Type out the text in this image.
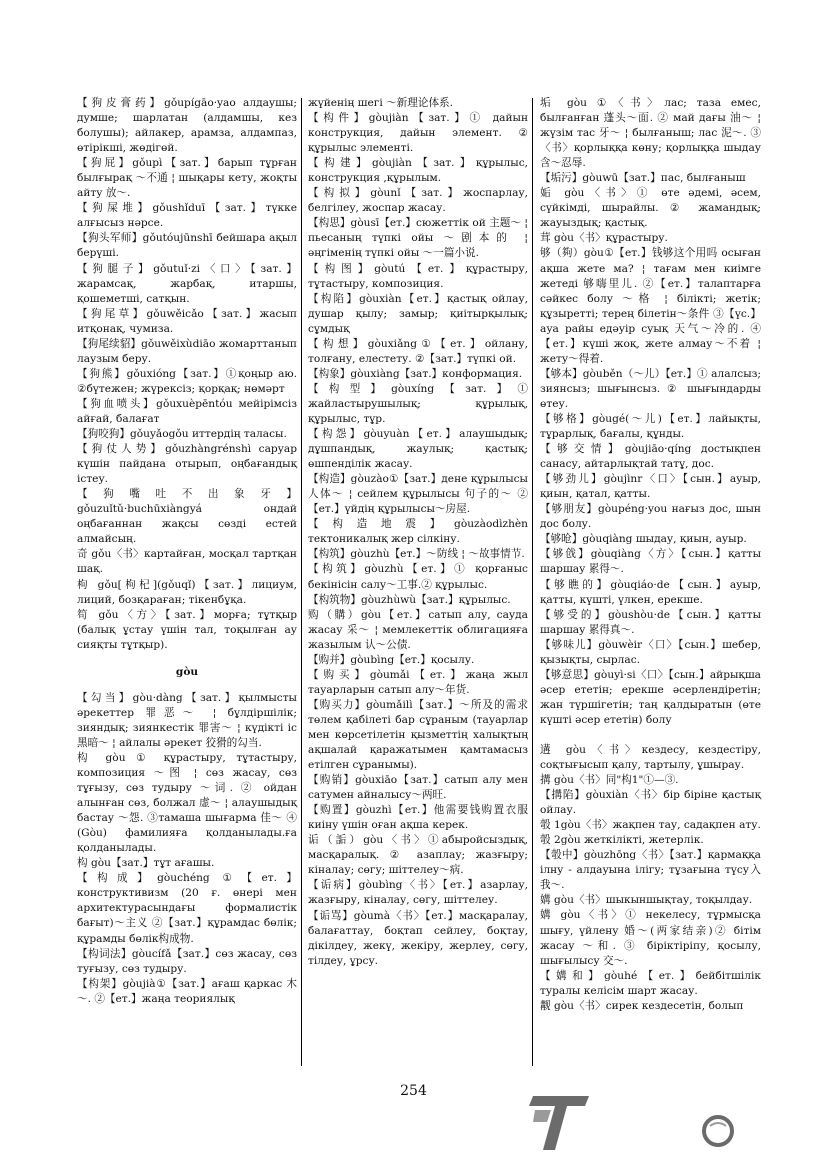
【狗皮膏药】gǒupígāo·yao алдаушы; думше; шарлатан (алдамшы, кез болушы); айлакер, арамза, алдампаз, өтірікші, жөдігөй.

【狗屁】gǒupì【зат.】барып тұрған былғырақ ～不通 ¦ шықары кету, жоқты айту 放～.

【狗屎堆】gǒushǐduī【зат.】түкке алғысыз нәрсе.

【狗头军师】gǒutóujūnshī бейшара ақыл берүші.

【狗腿子】gǒutuǐ·zi〈口〉【зат.】жарамсақ, жарбақ, итаршы, қошеметші, сатқын.

【狗尾草】gǒuwěicǎo【зат.】жасып итқонақ, чумиза.

【狗尾续貂】gǒuwěixùdiāo жомарттанып лаузым беру.

【狗熊】gǒuxióng【зат.】①қоңыр аю. ②бүтежен; жүрексіз; қорқақ; нөмәрт

【狗血喷头】gǒuxuèpēntóu мейірімсіз айғай, балағат

【狗咬狗】gǒuyǎogǒu иттердің таласы.

【狗仗人势】gǒuzhàngrénshì саруар күшін пайдана отырып, оңбағандық істеу.

【狗嘴吐不出象牙】gǒuzuǐtǔ·buchūxiàngyá ондай оңбағаннан жақсы сөзді естей алмайсың.

奇 gǒu〈书〉картайған, мосқал тартқан шақ.

枸 gǒu[枸杞](gǒuqǐ)【зат.】лициум, лиций, бозқараған; тікенбұқа.

笱 gǒu〈方〉【зат.】морға; тұтқыр (балық ұстау үшін тал, тоқылған ау сияқты тұтқыр).

gòu

【勾当】gòu·dàng【зат.】қылмысты әрекеттер 罪恶～ ¦ бұлдіршілік; зияндық; зиянкестік 罪害～ ¦ күдікті іс 黑暗～ ¦ айлалы әрекет 狡猾的勾当.

构 gòu ① құрастыру, тұтастыру, композиция ～图 ¦ сөз жасау, сөз тұғызу, сөз тудыру ～词. ② ойдан алынған сөз, болжал 虚～ ¦ алаушыдық бастау ～怨. ③тамаша шығарма 佳～ ④ (Gòu) фамилияға қолданылады.ға қолданылады.

构 gòu【зат.】тұт ағашы.

【构成】gòuchéng ①【ет.】конструктивизм (20 ғ. өнері мен архитектурасындағы формалистік бағыт)～主义 ②【зат.】құрамдас бөлік; құрамды бөлік构成物.

【构词法】gòucífǎ【зат.】сөз жасау, сөз туғызу, сөз тудыру.

【构架】gòujià①【зат.】ағаш қаркас 木～. ②【ет.】жаңа теориялық

жүйенің шегі ～新理论体系.

【构件】gòujiàn【зат.】① дайын конструкция, дайын элемент. ② құрылыс элементі.

【构建】gòujiàn【зат.】құрылыс, конструкция ,құрылым.

【构拟】gòunǐ【зат.】жоспарлау, белгілеу, жоспар жасау.

【构思】gòusī【ет.】сюжеттік ой 主题～ ¦ пьесаның түпкі ойы ～剧本的 ¦ әңгіменің түпкі ойы ～一篇小说.

【构图】gòutú【ет.】құрастыру, тұтастыру, композиция.

【构陷】gòuxiàn【ет.】қастық ойлау, душар қылу; замыр; қиітырқылық; сұмдық

【构想】gòuxiǎng①【ет.】ойлану, толғану, елестету. ②【зат.】түпкі ой.

【构象】gòuxiàng【зат.】конформация.

【构型】gòuxíng【зат.】① жайластырушылық; құрылық, құрылыс, тұр.

【构怨】gòuyuàn【ет.】алаушыдық; дұшпандық, жаулық; қастық; өшпенділік жасау.

【构造】gòuzào①【зат.】дене құрылысы 人体～ ¦ сейлем құрылысы 句子的～ ②【ет.】үйдің құрылысы～房屋.

【构造地震】gòuzàodìzhèn тектоникалық жер сілкіну.

【构筑】gòuzhù【ет.】～防线 ¦ ～故事情节.

【构筑】gòuzhù【ет.】① қорғаныс бекінісін салу～工事.② құрылыс.

【构筑物】gòuzhùwù【зат.】құрылыс.

购（購）gòu【ет.】сатып алу, сауда жасау 采～ ¦ мемлекеттік облигацияға жазылым 认～公债.

【购并】gòubìng【ет.】қосылу.

【购买】gòumǎi【ет.】жаңа жыл тауарларын сатып алу～年货.

【购买力】gòumǎilì【зат.】～所及的需求 төлем қабілеті бар сұраным (тауарлар мен көрсетілетін қызметтің халықтың ақшалай қаражатымен қамтамасыз етілген сұранымы).

【购销】gòuxiāo【зат.】сатып алу мен сатумен айналысу～两旺.

【购置】gòuzhì【ет.】他需要钱购置衣服 киіну үшін оған ақша керек.

诟（詬）gòu〈书〉①абыройсыздық, масқаралық. ② азаплау; жазғыру; кіналау; сөгу; шіттелеу～病.

【诟病】gòubìng〈书〉【ет.】азарлау, жазғыру, кіналау, сөгу, шіттелеу.

【诟骂】gòumà〈书〉【ет.】масқаралау, балағаттау, боқтап сейлеу, боқтау, дікілдеу, жекү, жекіру, жерлеу, сөгу, тілдеу, ұрсу.

垢 gòu ①〈书〉лас; таза емес, былғанған 蓬头～面. ② май дағы 油～ ¦ жүзім тас 牙～ ¦ былғаныш; лас 泥～. ③〈书〉қорлыққа көну; қорлыққа шыдау 含～忍辱.

【垢污】gòuwū【зат.】пас, былғаныш

姤 gòu〈书〉① өте әдемі, әсем, сүйкімді, шырайлы. ② жамандық; жауыздық; қастық.

茸 gòu〈书〉құрастыру.

够（夠）gòu①【ет.】钱够这个用吗 осыған ақша жете ма? ¦ тағам мен киімге жетеді 够嗨里儿. ②【ет.】талаптарға сәйкес болу ～格 ¦ білікті; жетік; құзыретті; терең білетін～条件 ③【үс.】ауа райы едәуір суық 天气～冷的. ④【ет.】күші жоқ, жете алмау～不着 ¦ жету～得着.

【够本】gòuběn（～儿）【ет.】① алалсыз; зиянсыз; шығынсыз. ② шығындарды өтеу.

【够格】gòugé(～儿)【ет.】лайықты, тұрарлық, бағалы, құнды.

【够交情】gòujiāo·qíng достықпен санасу, айтарлықтай татұ, дос.

【够劲儿】gòujìnr〈口〉【сын.】ауыр, қиын, қатал, қатты.

【够朋友】gòupéng·you нағыз дос, шын дос болу.

【够呛】gòuqiàng шыдау, қиын, ауыр.

【够戗】gòuqiàng〈方〉【сын.】қатты шаршау 累得～.

【够瞧的】gòuqiáo·de【сын.】ауыр, қатты, күшті, үлкен, ерекше.

【够受的】gòushòu·de【сын.】қатты шаршау 累得真～.

【够味儿】gòuwèir〈口〉【сын.】шебер, қызықты, сырлас.

【够意思】gòuyì·si〈口〉【сын.】айрықша әсер ететін; ерекше әсерлендіретін; жан түршігетін; таң қалдыратын (өте күшті әсер ететін) болу

遘 gòu〈书〉кездесу, кездестіру, соқтығысып қалу, тартылу, ұшырау.

搆 gòu〈书〉同"构1"①—③.

【搆陷】gòuxiàn〈书〉бір біріне қастық ойлау.

彀 1gòu〈书〉жақпен тау, садақпен ату.

彀 2gòu жеткілікті, жетерлік.

【彀中】gòuzhōng〈书〉【зат.】қармаққа ілну - алдауына ілігу; тұзағына түсу入我～.

媾 gòu〈书〉шыкыншықтау, тоқылдау.

媾 gòu〈书〉① некелесу, тұрмысқа шығу, үйлену 婚～(两家结亲)② бітім жасау ～和. ③ біріктіріпу, қосылу, шығылысу 交～.

【媾和】gòuhé【ет.】бейбітшілік туралы келісім шарт жасау.

觏 gòu〈书〉сирек кездесетін, болып

254
